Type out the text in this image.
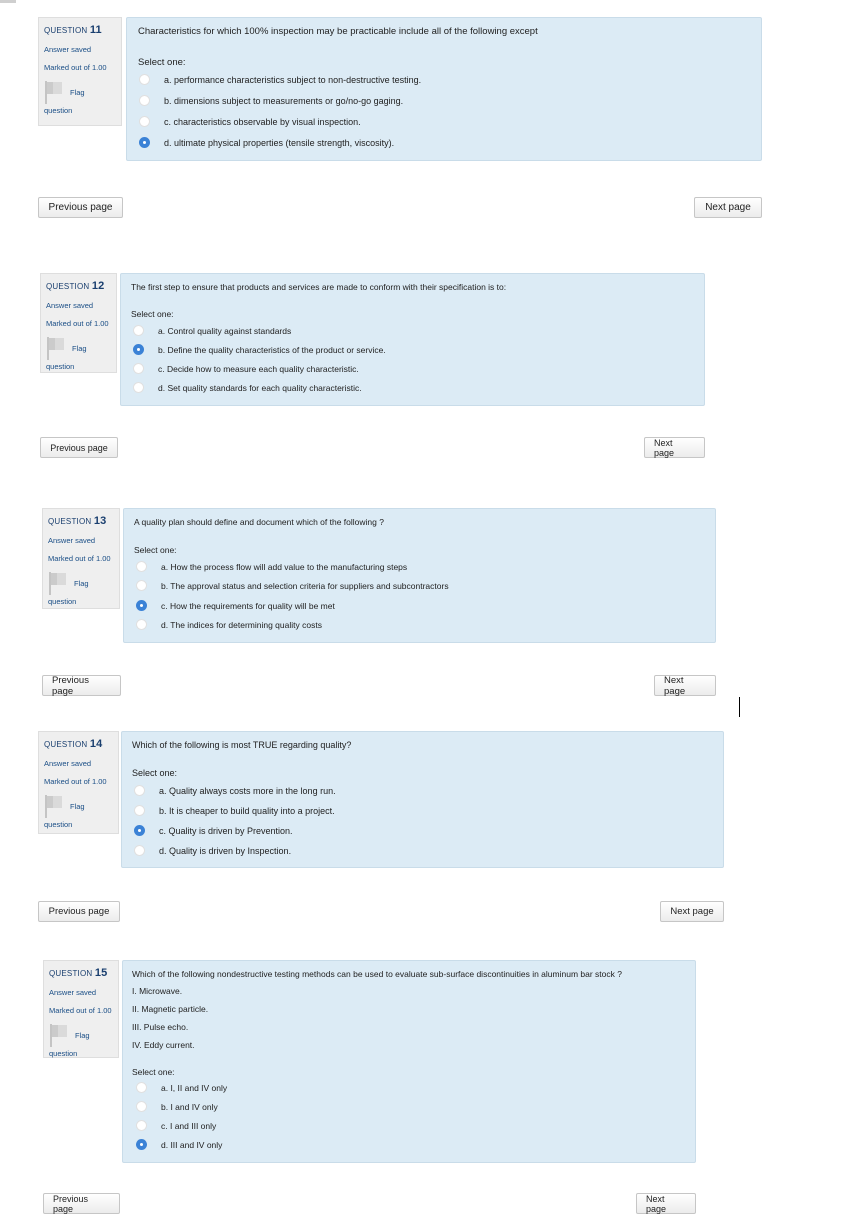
QUESTION 11
Answer saved
Marked out of 1.00
Flag
question
Characteristics for which 100% inspection may be practicable include all of the following except
Select one:
a. performance characteristics subject to non-destructive testing.
b. dimensions subject to measurements or go/no-go gaging.
c. characteristics observable by visual inspection.
d. ultimate physical properties (tensile strength, viscosity).
Previous page	Next page
QUESTION 12
Answer saved
Marked out of 1.00
Flag
question
The first step to ensure that products and services are made to conform with their specification is to:
Select one:
a. Control quality against standards
b. Define the quality characteristics of the product or service.
c. Decide how to measure each quality characteristic.
d. Set quality standards for each quality characteristic.
Previous page	Next page
QUESTION 13
Answer saved
Marked out of 1.00
Flag
question
A quality plan should define and document which of the following ?
Select one:
a. How the process flow will add value to the manufacturing steps
b. The approval status and selection criteria for suppliers and subcontractors
c. How the requirements for quality will be met
d. The indices for determining quality costs
Previous page
Next page
QUESTION 14
Answer saved
Marked out of 1.00
Flag
question
Which of the following is most TRUE regarding quality?
Select one:
a. Quality always costs more in the long run.
b. It is cheaper to build quality into a project.
c. Quality is driven by Prevention.
d. Quality is driven by Inspection.
Previous page	Next page
QUESTION 15
Answer saved
Marked out of 1.00
Flag
question
Which of the following nondestructive testing methods can be used to evaluate sub-surface discontinuities in aluminum bar stock ?
I. Microwave.
II. Magnetic particle.
III. Pulse echo.
IV. Eddy current.
Select one:
a. I, II and IV only
b. I and IV only
c. I and III only
d. III and IV only
Previous page
Next page
